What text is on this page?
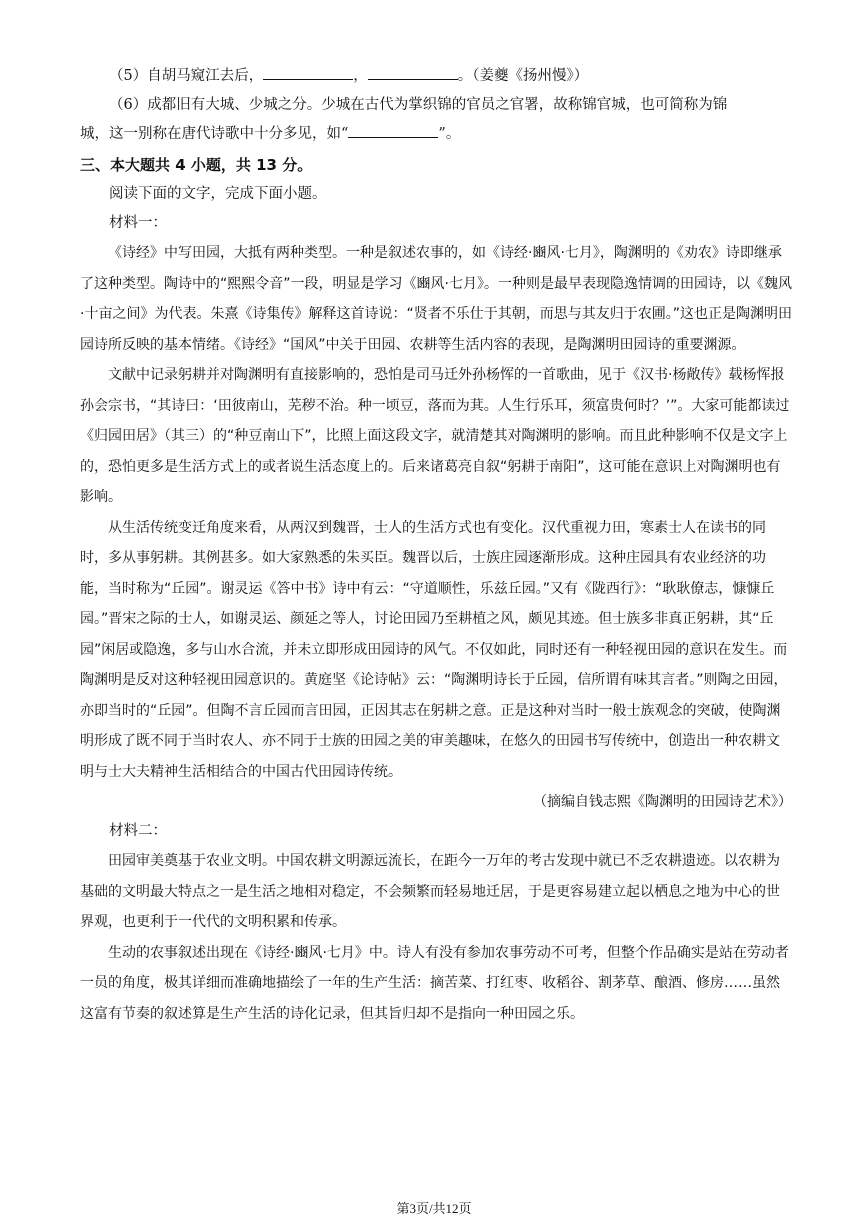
（5）自胡马窥江去后，	，	。（姜夔《扬州慢》）

（6）成都旧有大城、少城之分。少城在古代为掌织锦的官员之官署，故称锦官城，也可简称为锦

城，这一别称在唐代诗歌中十分多见，如“	”。

三、本大题共 4 小题，共 13 分。

阅读下面的文字，完成下面小题。

材料一：

《诗经》中写田园，大抵有两种类型。一种是叙述农事的，如《诗经·豳风·七月》，陶渊明的《劝农》诗即继承了这种类型。陶诗中的“熙熙令音”一段，明显是学习《豳风·七月》。一种则是最早表现隐逸情调的田园诗，以《魏风·十亩之间》为代表。朱熹《诗集传》解释这首诗说：“贤者不乐仕于其朝，而思与其友归于农圃。”这也正是陶渊明田园诗所反映的基本情绪。《诗经》“国风”中关于田园、农耕等生活内容的表现，是陶渊明田园诗的重要渊源。

文献中记录躬耕并对陶渊明有直接影响的，恐怕是司马迁外孙杨恽的一首歌曲，见于《汉书·杨敞传》载杨恽报孙会宗书，“其诗曰：‘田彼南山，芜秽不治。种一顷豆，落而为萁。人生行乐耳，须富贵何时？’”。大家可能都读过《归园田居》（其三）的“种豆南山下”，比照上面这段文字，就清楚其对陶渊明的影响。而且此种影响不仅是文字上的，恐怕更多是生活方式上的或者说生活态度上的。后来诸葛亮自叙“躬耕于南阳”，这可能在意识上对陶渊明也有影响。

从生活传统变迁角度来看，从两汉到魏晋，士人的生活方式也有变化。汉代重视力田，寒素士人在读书的同时，多从事躬耕。其例甚多。如大家熟悉的朱买臣。魏晋以后，士族庄园逐渐形成。这种庄园具有农业经济的功能，当时称为“丘园”。谢灵运《答中书》诗中有云：“守道顺性，乐兹丘园。”又有《陇西行》：“耿耿僚志，慷慷丘园。”晋宋之际的士人，如谢灵运、颜延之等人，讨论田园乃至耕植之风，颇见其迹。但士族多非真正躬耕，其“丘园”闲居或隐逸，多与山水合流，并未立即形成田园诗的风气。不仅如此，同时还有一种轻视田园的意识在发生。而陶渊明是反对这种轻视田园意识的。黄庭坚《论诗帖》云：“陶渊明诗长于丘园，信所谓有味其言者。”则陶之田园，亦即当时的“丘园”。但陶不言丘园而言田园，正因其志在躬耕之意。正是这种对当时一般士族观念的突破，使陶渊明形成了既不同于当时农人、亦不同于士族的田园之美的审美趣味，在悠久的田园书写传统中，创造出一种农耕文明与士大夫精神生活相结合的中国古代田园诗传统。

（摘编自钱志熙《陶渊明的田园诗艺术》）

材料二：

田园审美奠基于农业文明。中国农耕文明源远流长，在距今一万年的考古发现中就已不乏农耕遗迹。以农耕为基础的文明最大特点之一是生活之地相对稳定，不会频繁而轻易地迁居，于是更容易建立起以栖息之地为中心的世界观，也更利于一代代的文明积累和传承。

生动的农事叙述出现在《诗经·豳风·七月》中。诗人有没有参加农事劳动不可考，但整个作品确实是站在劳动者一员的角度，极其详细而准确地描绘了一年的生产生活：摘苦菜、打红枣、收稻谷、割茅草、酿酒、修房……虽然这富有节奏的叙述算是生产生活的诗化记录，但其旨归却不是指向一种田园之乐。

第3页/共12页
